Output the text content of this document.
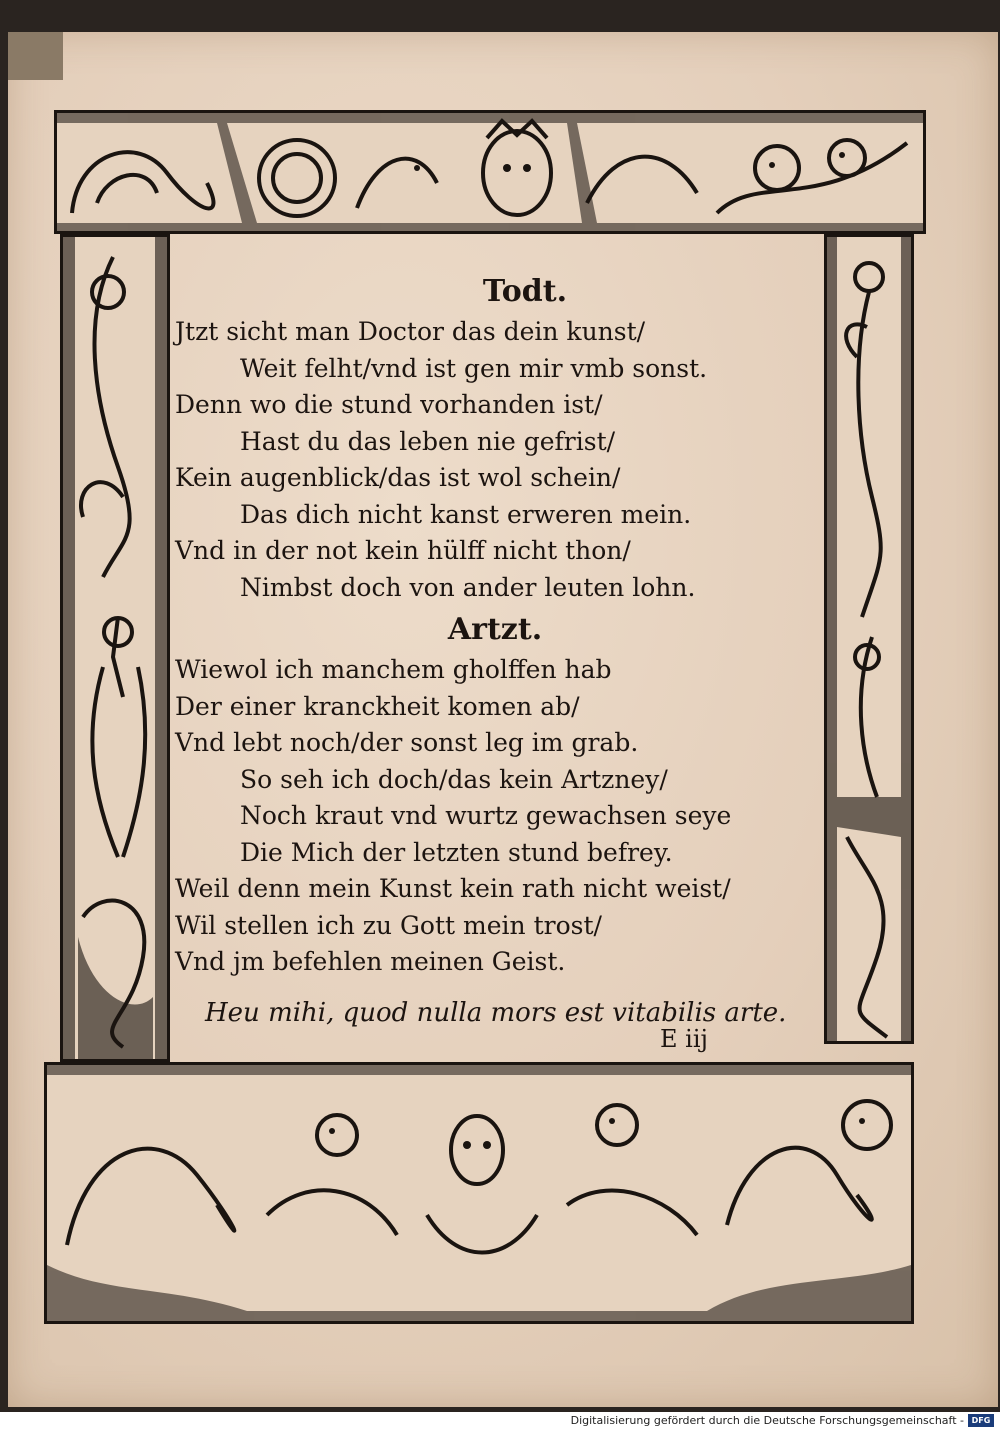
Todt.

Jtzt sicht man Doctor das dein kunst/

Weit felht/vnd ist gen mir vmb sonst.

Denn wo die stund vorhanden ist/

Hast du das leben nie gefrist/

Kein augenblick/das ist wol schein/

Das dich nicht kanst erweren mein.

Vnd in der not kein hülff nicht thon/

Nimbst doch von ander leuten lohn.

Artzt.

Wiewol ich manchem gholffen hab

Der einer kranckheit komen ab/

Vnd lebt noch/der sonst leg im grab.

So seh ich doch/das kein Artzney/

Noch kraut vnd wurtz gewachsen seye

Die Mich der letzten stund befrey.

Weil denn mein Kunst kein rath nicht weist/

Wil stellen ich zu Gott mein trost/

Vnd jm befehlen meinen Geist.

Heu mihi, quod nulla mors est vitabilis arte.
E iij
Digitalisierung gefördert durch die Deutsche Forschungsgemeinschaft - DFG
